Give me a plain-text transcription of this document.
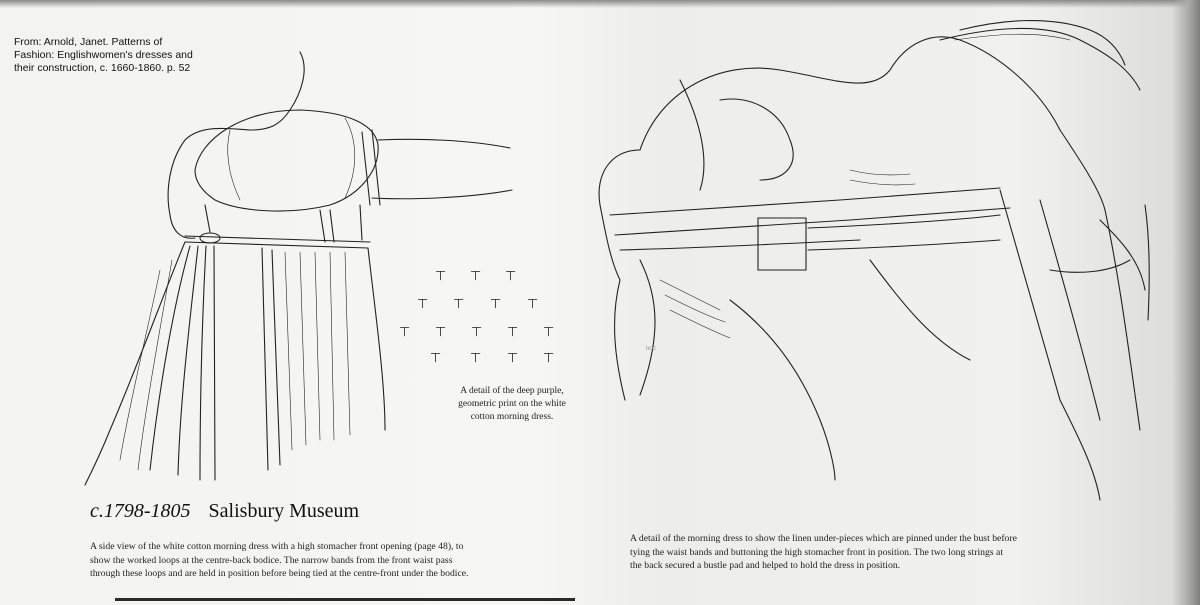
From: Arnold, Janet. Patterns of
Fashion: Englishwomen's dresses and
their construction, c. 1660-1860. p. 52
⊤ ⊤ ⊤
⊤ ⊤ ⊤ ⊤
⊤ ⊤ ⊤ ⊤ ⊤
⊤ ⊤ ⊤ ⊤
A detail of the deep purple,
geometric print on the white
cotton morning dress.
text
c.1798-1805 Salisbury Museum
A side view of the white cotton morning dress with a high stomacher front opening (page 48), to
show the worked loops at the centre-back bodice. The narrow bands from the front waist pass
through these loops and are held in position before being tied at the centre-front under the bodice.
A detail of the morning dress to show the linen under-pieces which are pinned under the bust before
tying the waist bands and buttoning the high stomacher front in position. The two long strings at
the back secured a bustle pad and helped to hold the dress in position.
